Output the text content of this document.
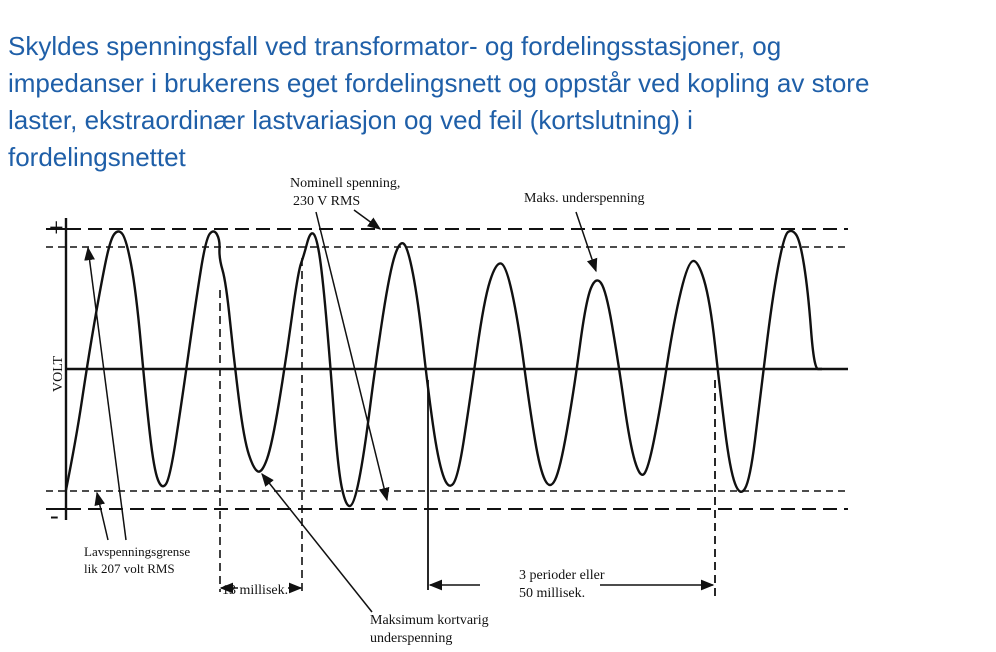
Skyldes spenningsfall ved transformator- og fordelingsstasjoner, og
impedanser i brukerens eget fordelingsnett og oppstår ved kopling av store
laster, ekstraordinær lastvariasjon og ved feil (kortslutning) i
fordelingsnettet
+
-
VOLT
Nominell spenning,
230 V RMS	Maks. underspenning
Lavspenningsgrense
lik 207 volt RMS
13 millisek.
3 perioder eller
50 millisek.
Maksimum kortvarig
underspenning
